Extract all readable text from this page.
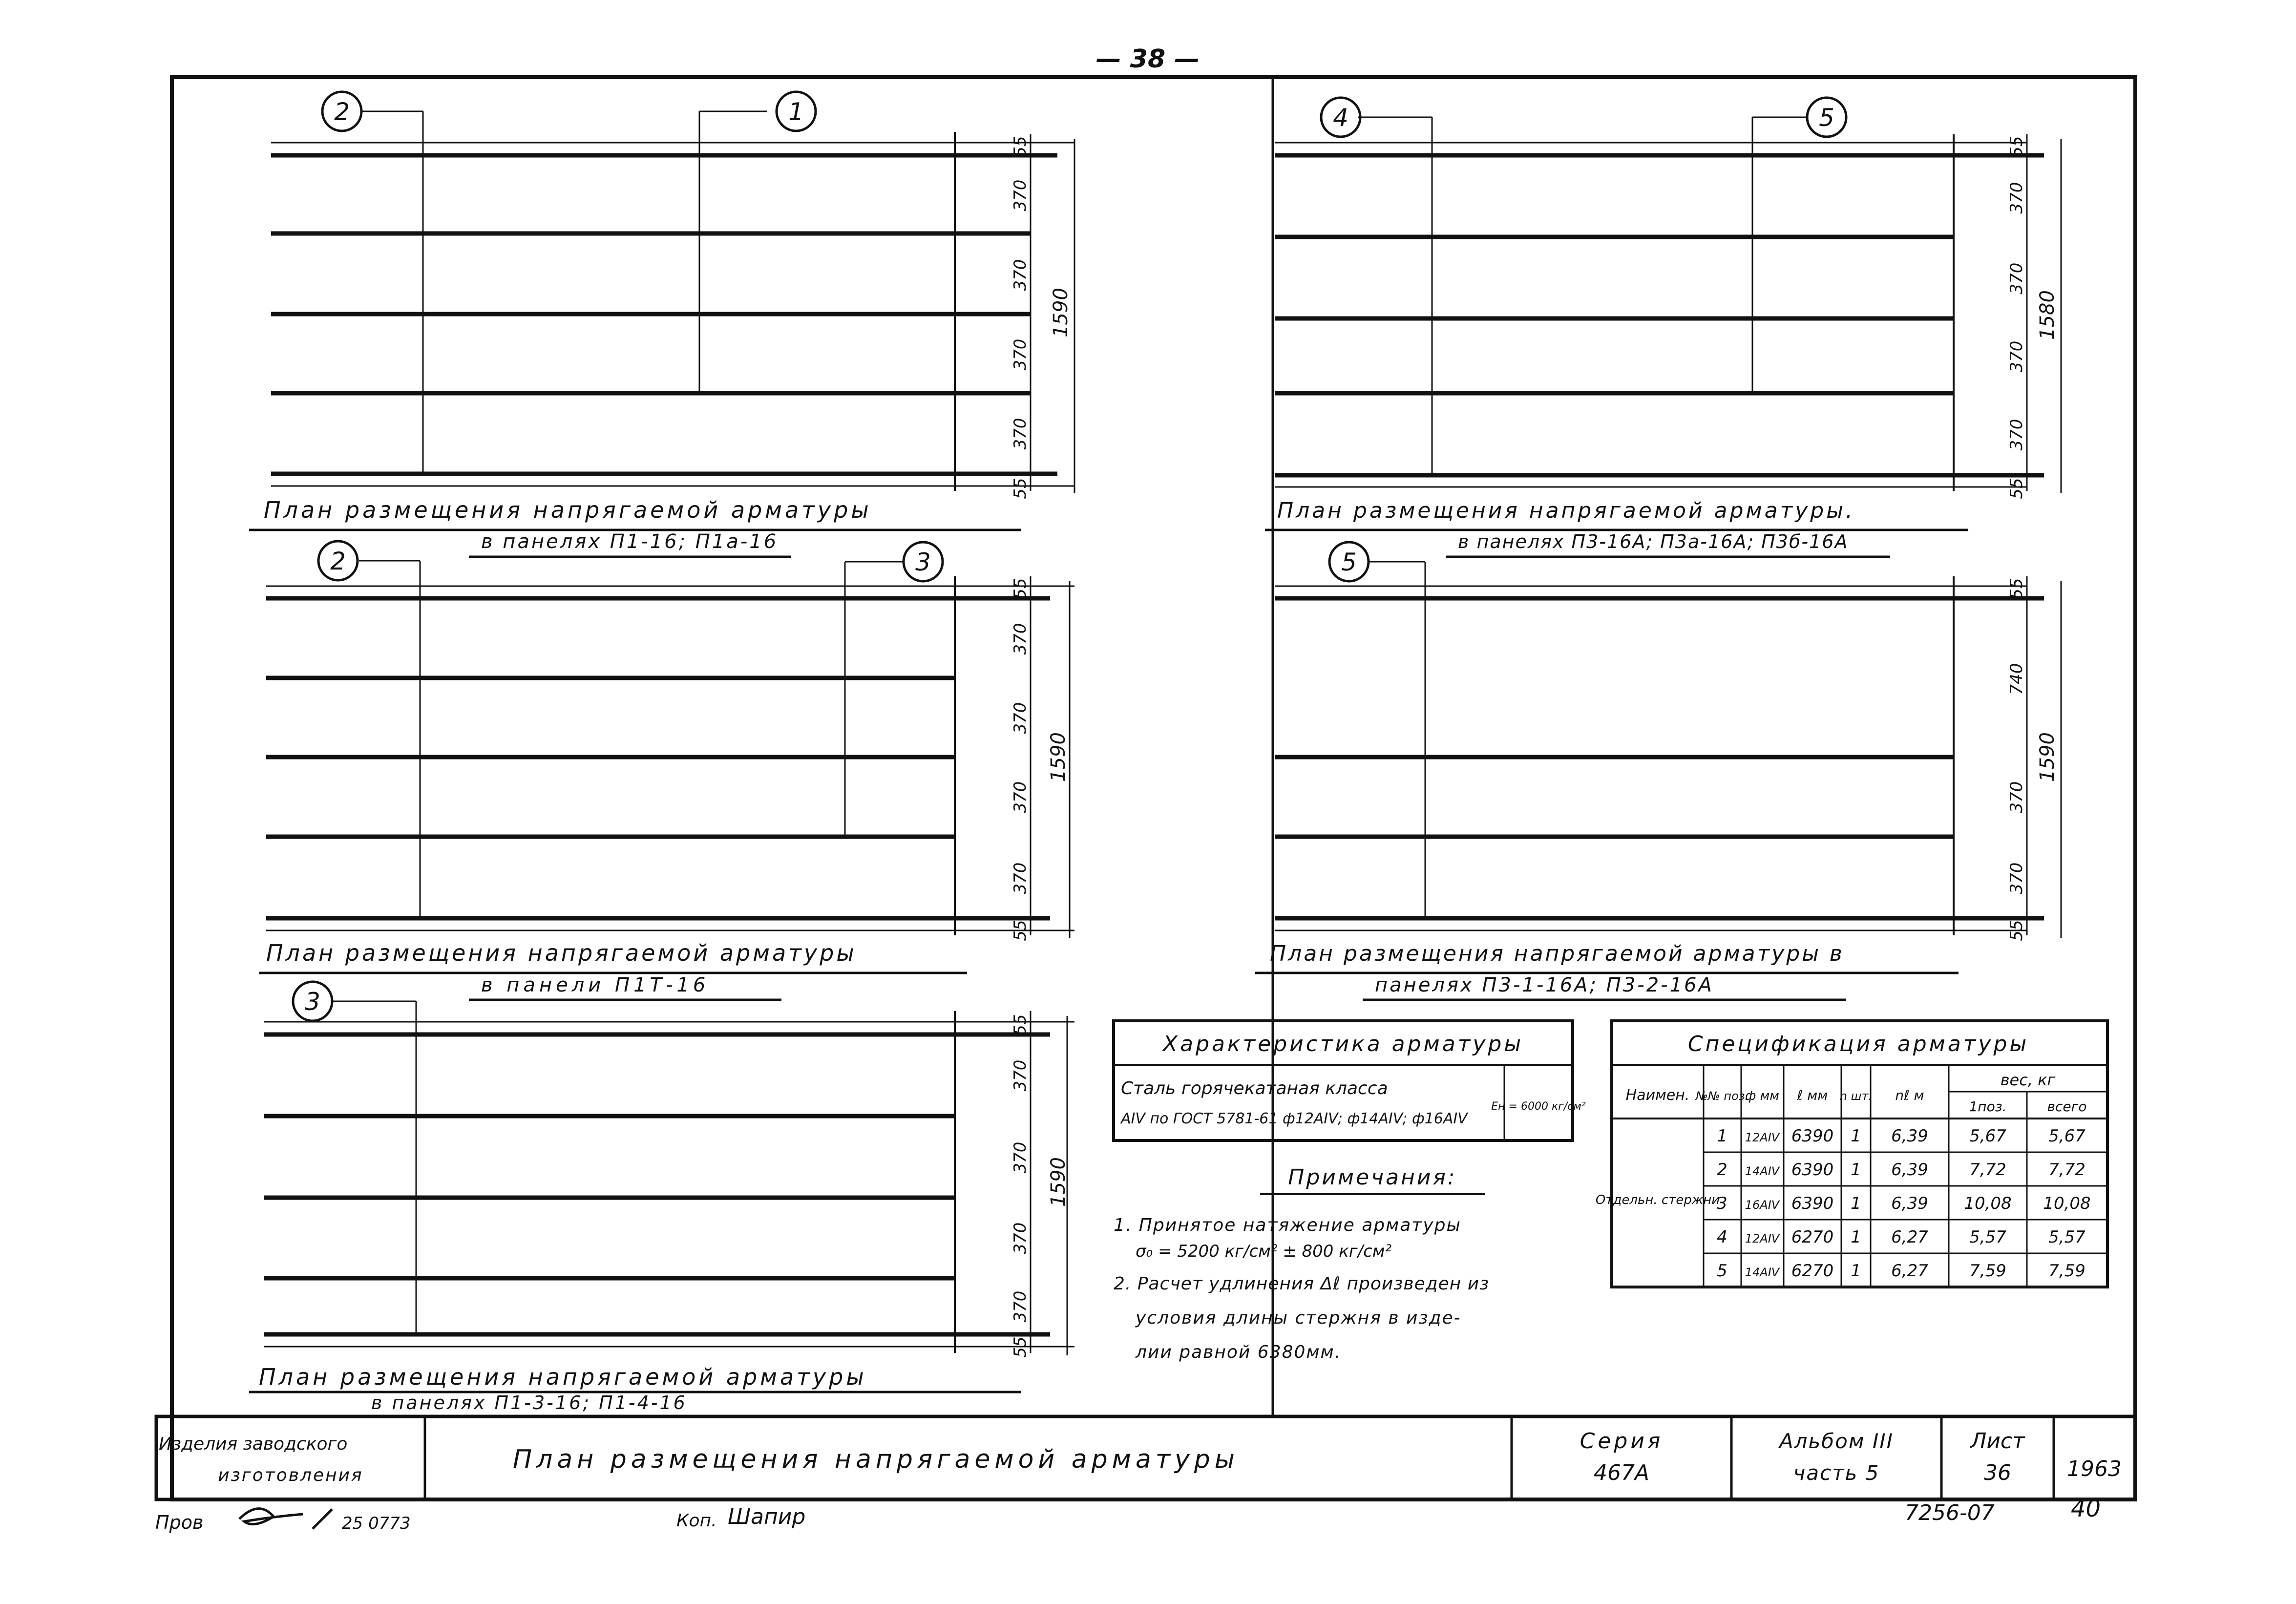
— 38 —
2	1	4	5
2	3	5
3
55
370
370
370
370
55
1590
55
370
370
370
370
55
1580
55
370
370
370
370
55
1590
55
740
370
370
55
1590
55
370
370
370
370
55
1590
План размещения напрягаемой арматуры
в панелях П1-16; П1а-16
План размещения напрягаемой арматуры.
в панелях П3-16А; П3а-16А; П3б-16А
План размещения напрягаемой арматуры
в панели П1Т-16
План размещения напрягаемой арматуры в
панелях П3-1-16А; П3-2-16А
План размещения напрягаемой арматуры
в панелях П1-3-16; П1-4-16
Характеристика арматуры
Сталь горячекатаная класса
АIV по ГОСТ 5781-61 ф12АIV; ф14АIV; ф16АIV
Ен = 6000 кг/см²
Примечания:
1. Принятое натяжение арматуры
σ₀ = 5200 кг/см² ± 800 кг/см²
2. Расчет удлинения Δℓ произведен из
условия длины стержня в изде-
лии равной 6380мм.
Спецификация арматуры
Наимен. №№ поз.
ф мм ℓ мм n шт. nℓ м
вес, кг
1поз.	всего
Отдельн. стержни
1 12АIV 6390 1 6,39 5,67	5,67
2 14АIV 6390 1 6,39 7,72	7,72
3 16АIV 6390 1 6,39 10,08 10,08
4 12АIV 6270 1 6,27 5,57	5,57
5 14АIV 6270 1 6,27 7,59	7,59
Изделия заводского
изготовления
План размещения напрягаемой арматуры
Серия
467А
Альбом III
часть 5
Лист
36	1963
Пров	25 0773	Коп. Шапир	7256-07	40
